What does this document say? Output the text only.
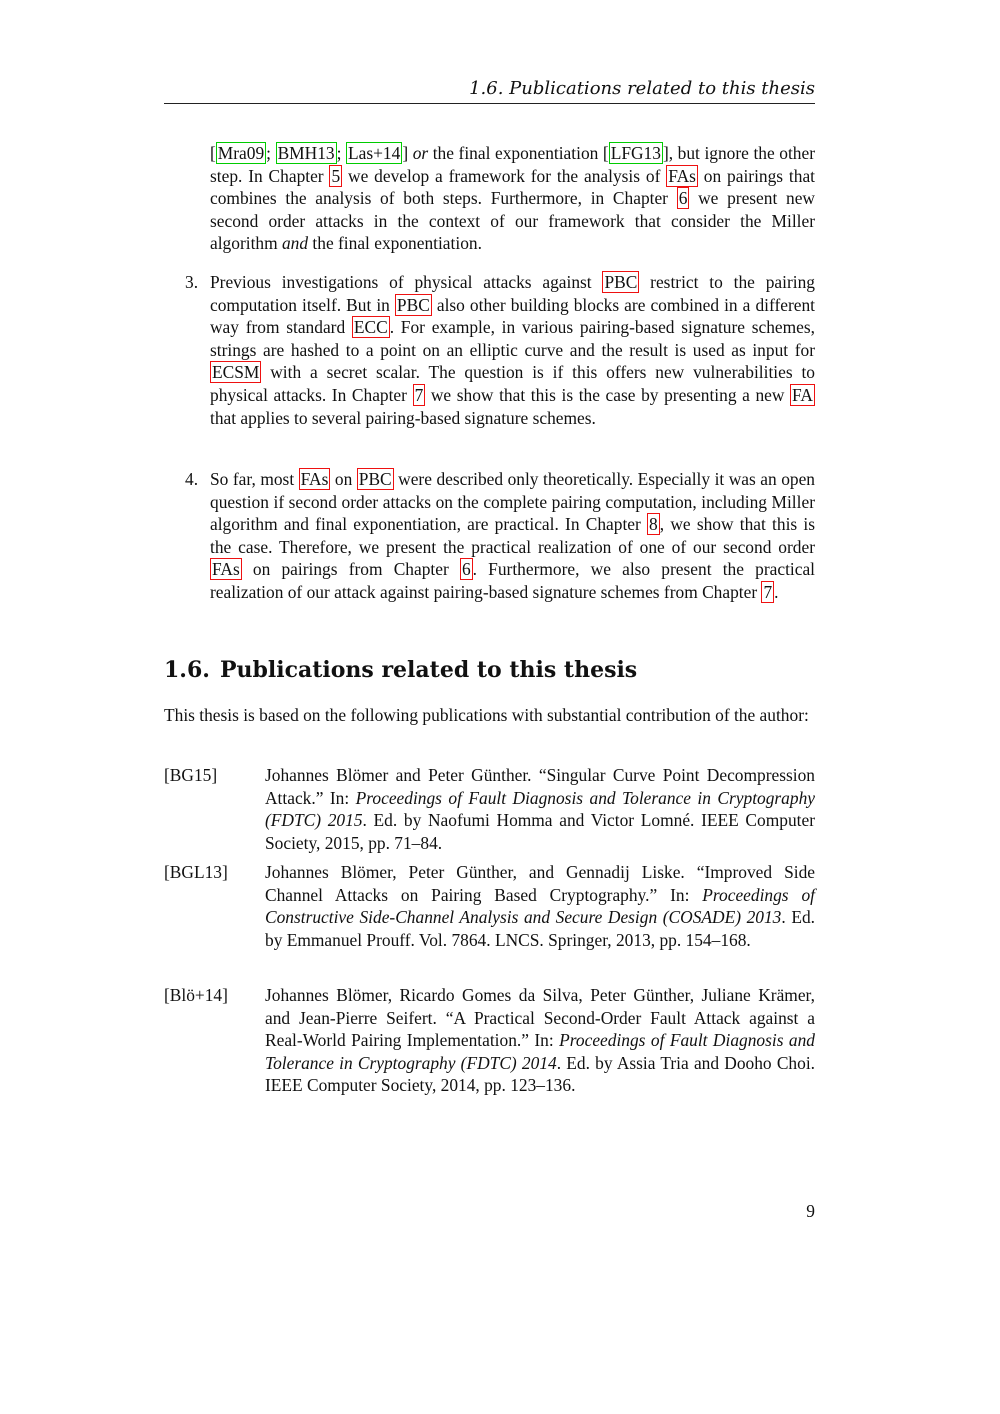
1.6. Publications related to this thesis
[ Mra09 ; BMH13 ; Las+14 ] or the final exponentiation [ LFG13 ], but ignore the other step. In Chapter 5 we develop a framework for the analysis of FAs on pairings that combines the analysis of both steps. Furthermore, in Chapter 6 we present new second order attacks in the context of our framework that consider the Miller algorithm and the final exponentiation.
3. Previous investigations of physical attacks against PBC restrict to the pairing computation itself. But in PBC also other building blocks are combined in a different way from standard ECC . For example, in various pairing-based signature schemes, strings are hashed to a point on an elliptic curve and the result is used as input for ECSM with a secret scalar. The question is if this offers new vulnerabilities to physical attacks. In Chapter 7 we show that this is the case by presenting a new FA that applies to several pairing-based signature schemes.
4. So far, most FAs on PBC were described only theoretically. Especially it was an open question if second order attacks on the complete pairing computation, including Miller algorithm and final exponentiation, are practical. In Chapter 8 , we show that this is the case. Therefore, we present the practical realization of one of our second order FAs on pairings from Chapter 6 . Furthermore, we also present the practical realization of our attack against pairing-based signature schemes from Chapter 7 .
1.6. Publications related to this thesis
This thesis is based on the following publications with substantial contribution of the author:
[BG15]	Johannes Blömer and Peter Günther. “Singular Curve Point Decompression Attack.” In: Proceedings of Fault Diagnosis and Tolerance in Cryptography (FDTC) 2015. Ed. by Naofumi Homma and Victor Lomné. IEEE Computer Society, 2015, pp. 71–84.
[BGL13] Johannes Blömer, Peter Günther, and Gennadij Liske. “Improved Side Channel Attacks on Pairing Based Cryptography.” In: Proceedings of Constructive Side-Channel Analysis and Secure Design (COSADE) 2013. Ed. by Emmanuel Prouff. Vol. 7864. LNCS. Springer, 2013, pp. 154–168.
[Blö+14] Johannes Blömer, Ricardo Gomes da Silva, Peter Günther, Juliane Krämer, and Jean-Pierre Seifert. “A Practical Second-Order Fault Attack against a Real-World Pairing Implementation.” In: Proceedings of Fault Diagnosis and Tolerance in Cryptography (FDTC) 2014. Ed. by Assia Tria and Dooho Choi. IEEE Computer Society, 2014, pp. 123–136.
9
